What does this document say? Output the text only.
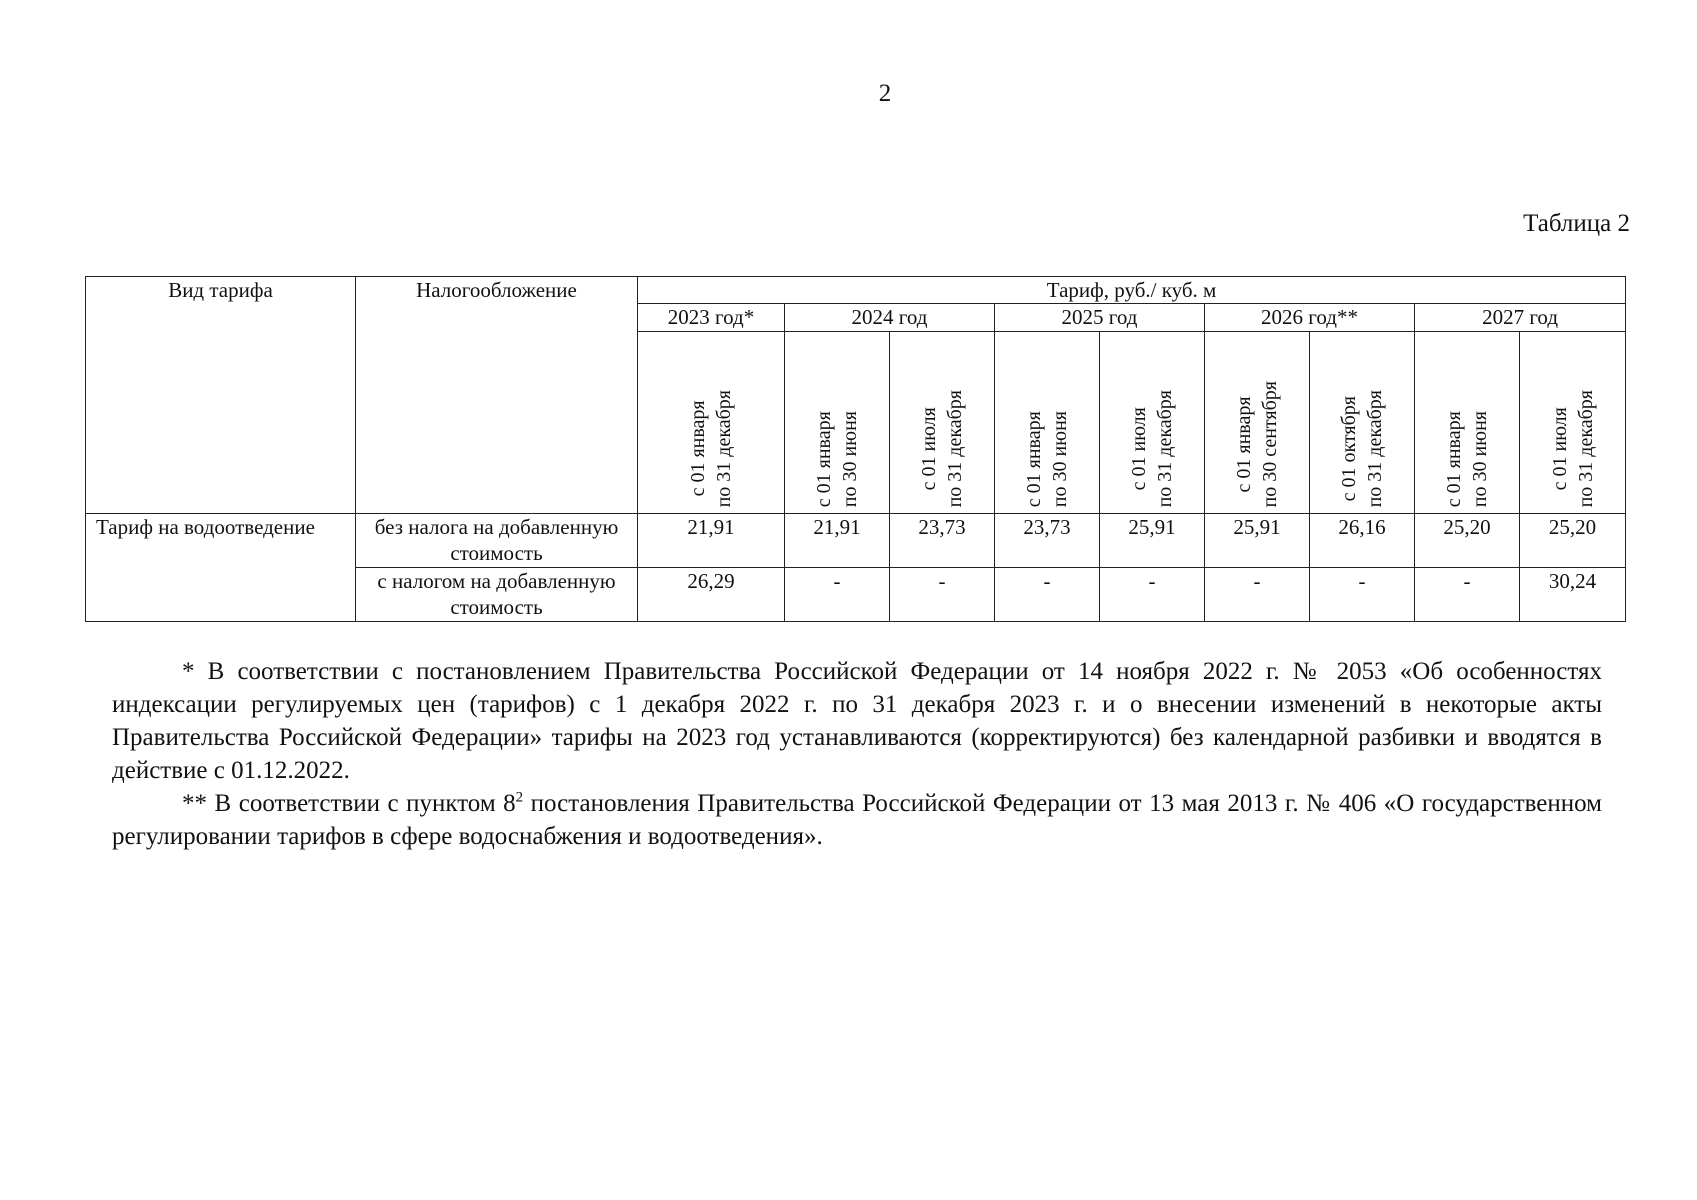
2
Таблица 2
Вид тарифа	Налогообложение	Тариф, руб./ куб. м								
		2023 год*	2024 год		2025 год		2026 год**		2027 год	

		с 01 января по 31 декабря	с 01 января по 30 июня	с 01 июля по 31 декабря	с 01 января по 30 июня	с 01 июля по 31 декабря	с 01 января по 30 сентября	с 01 октября по 31 декабря	с 01 января по 30 июня	с 01 июля по 31 декабря

Тариф на водоотведение	без налога на добавленную стоимость	21,91	21,91	23,73	23,73	25,91	25,91	26,16	25,20	25,20
	с налогом на добавленную стоимость	26,29	-	-	-	-	-	-	-	30,24

* В соответствии с постановлением Правительства Российской Федерации от 14 ноября 2022 г. № 2053 «Об особенностях индексации регулируемых цен (тарифов) с 1 декабря 2022 г. по 31 декабря 2023 г. и о внесении изменений в некоторые акты Правительства Российской Федерации» тарифы на 2023 год устанавливаются (корректируются) без календарной разбивки и вводятся в действие с 01.12.2022.

** В соответствии с пунктом $8^2$ постановления Правительства Российской Федерации от 13 мая 2013 г. № 406 «О государственном регулировании тарифов в сфере водоснабжения и водоотведения».
